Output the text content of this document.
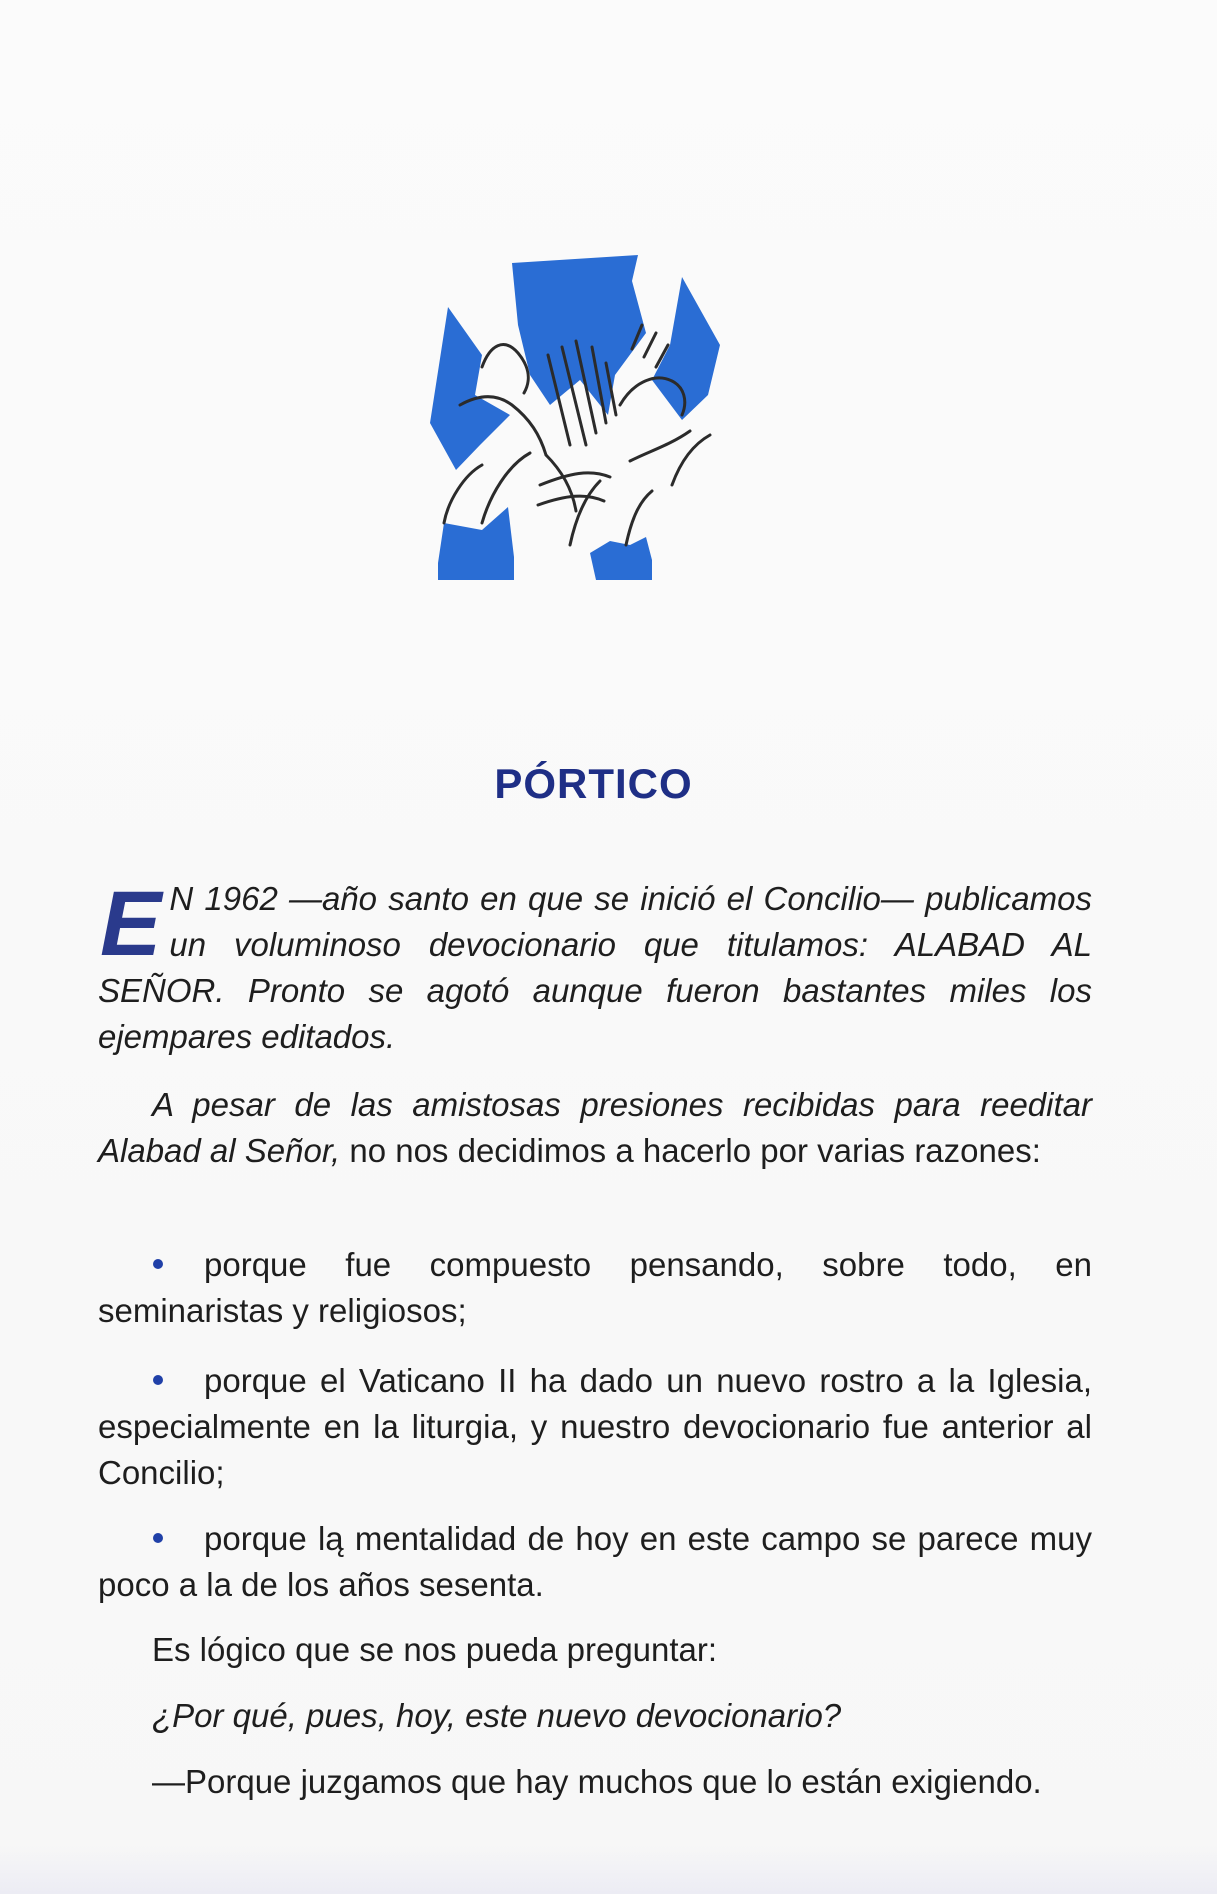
PÓRTICO
E N 1962 —año santo en que se inició el Concilio— publicamos un voluminoso devocionario que titulamos: ALABAD AL SEÑOR. Pronto se agotó aunque fueron bastantes miles los ejempares editados.
A pesar de las amistosas presiones recibidas para reeditar Alabad al Señor, no nos decidimos a hacerlo por varias razones:
porque fue compuesto pensando, sobre todo, en seminaristas y religiosos;
porque el Vaticano II ha dado un nuevo rostro a la Iglesia, especialmente en la liturgia, y nuestro devocionario fue anterior al Concilio;
porque lą mentalidad de hoy en este campo se parece muy poco a la de los años sesenta.
Es lógico que se nos pueda preguntar:
¿Por qué, pues, hoy, este nuevo devocionario?
—Porque juzgamos que hay muchos que lo están exigiendo.
